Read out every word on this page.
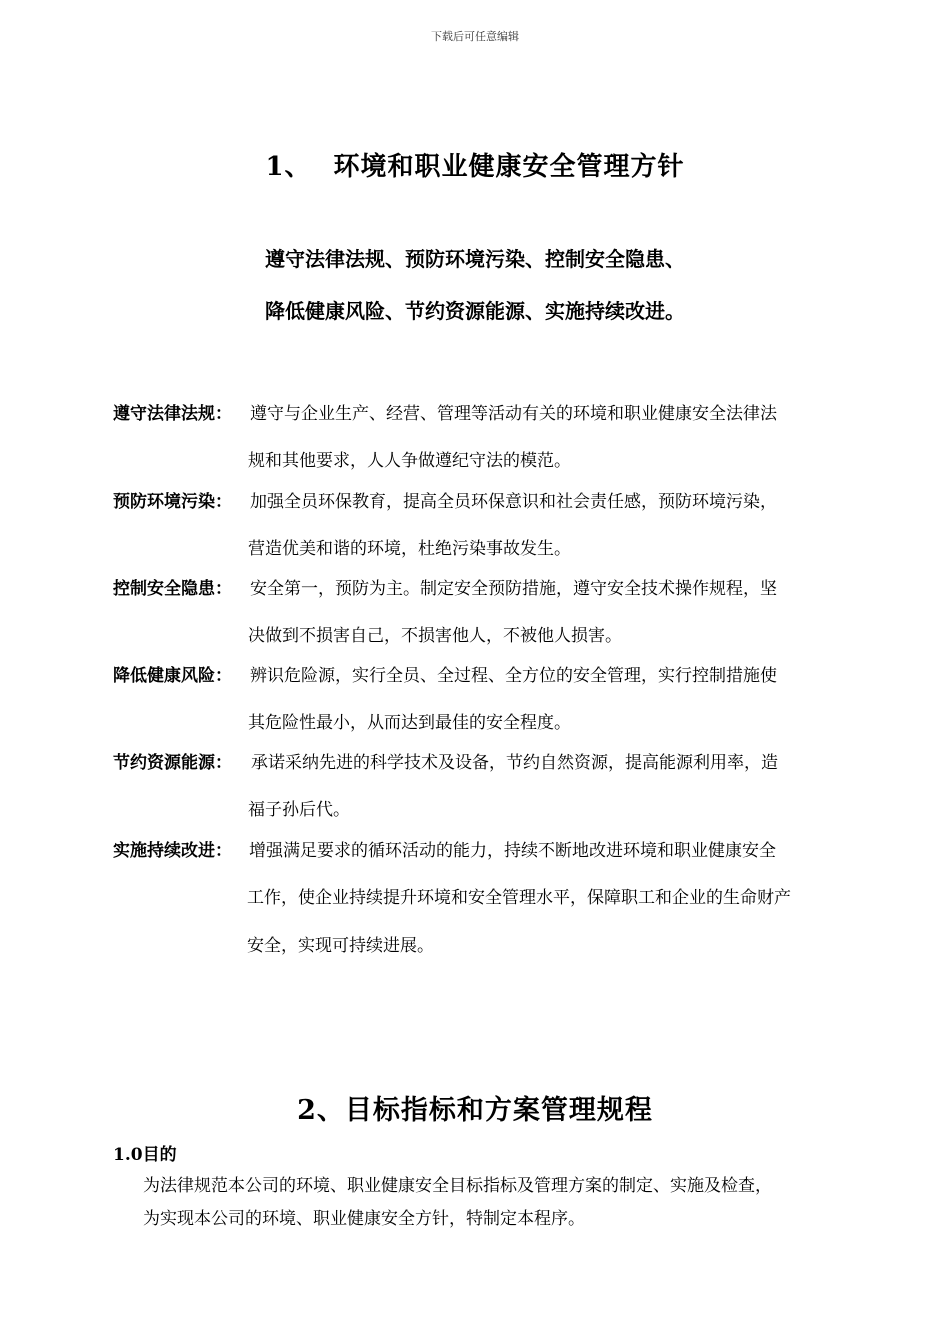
下载后可任意编辑
1、 环境和职业健康安全管理方针
遵守法律法规、预防环境污染、控制安全隐患、
降低健康风险、节约资源能源、实施持续改进。
遵守法律法规： 遵守与企业生产、经营、管理等活动有关的环境和职业健康安全法律法
规和其他要求，人人争做遵纪守法的模范。
预防环境污染： 加强全员环保教育，提高全员环保意识和社会责任感，预防环境污染，
营造优美和谐的环境，杜绝污染事故发生。
控制安全隐患： 安全第一，预防为主。制定安全预防措施，遵守安全技术操作规程，坚
决做到不损害自己，不损害他人，不被他人损害。
降低健康风险： 辨识危险源，实行全员、全过程、全方位的安全管理，实行控制措施使
其危险性最小，从而达到最佳的安全程度。
节约资源能源： 承诺采纳先进的科学技术及设备，节约自然资源，提高能源利用率，造
福子孙后代。
实施持续改进： 增强满足要求的循环活动的能力，持续不断地改进环境和职业健康安全
工作，使企业持续提升环境和安全管理水平，保障职工和企业的生命财产
安全，实现可持续进展。
2、目标指标和方案管理规程
1.0目的
为法律规范本公司的环境、职业健康安全目标指标及管理方案的制定、实施及检查，
为实现本公司的环境、职业健康安全方针，特制定本程序。
